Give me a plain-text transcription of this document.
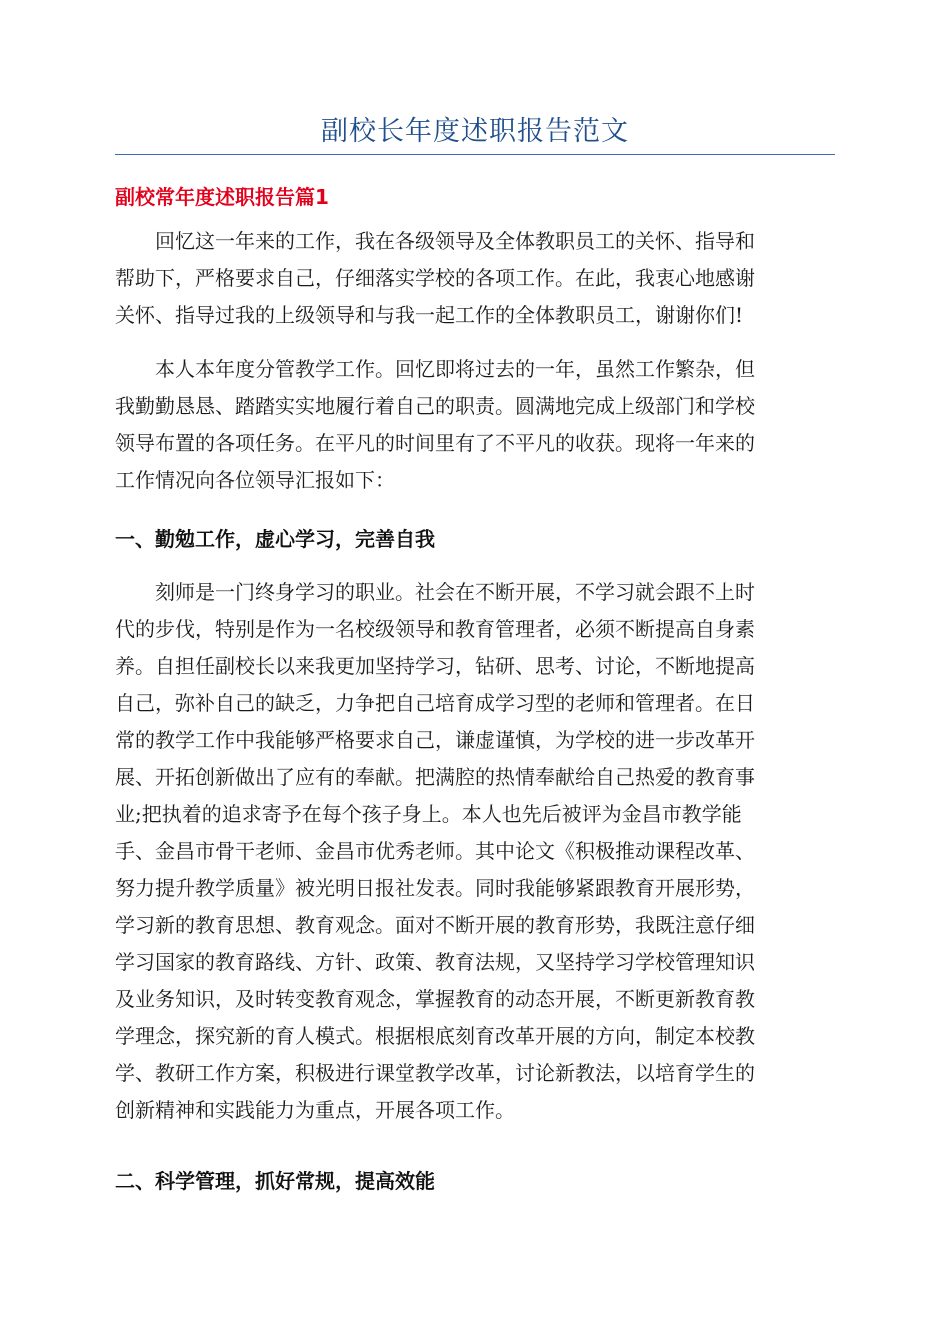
副校长年度述职报告范文
副校常年度述职报告篇1
　　回忆这一年来的工作，我在各级领导及全体教职员工的关怀、指导和
帮助下，严格要求自己，仔细落实学校的各项工作。在此，我衷心地感谢
关怀、指导过我的上级领导和与我一起工作的全体教职员工，谢谢你们!
　　本人本年度分管教学工作。回忆即将过去的一年，虽然工作繁杂，但
我勤勤恳恳、踏踏实实地履行着自己的职责。圆满地完成上级部门和学校
领导布置的各项任务。在平凡的时间里有了不平凡的收获。现将一年来的
工作情况向各位领导汇报如下：
一、勤勉工作，虚心学习，完善自我
　　刻师是一门终身学习的职业。社会在不断开展，不学习就会跟不上时
代的步伐，特别是作为一名校级领导和教育管理者，必须不断提高自身素
养。自担任副校长以来我更加坚持学习，钻研、思考、讨论，不断地提高
自己，弥补自己的缺乏，力争把自己培育成学习型的老师和管理者。在日
常的教学工作中我能够严格要求自己，谦虚谨慎，为学校的进一步改革开
展、开拓创新做出了应有的奉献。把满腔的热情奉献给自己热爱的教育事
业;把执着的追求寄予在每个孩子身上。本人也先后被评为金昌市教学能
手、金昌市骨干老师、金昌市优秀老师。其中论文《积极推动课程改革、
努力提升教学质量》被光明日报社发表。同时我能够紧跟教育开展形势，
学习新的教育思想、教育观念。面对不断开展的教育形势，我既注意仔细
学习国家的教育路线、方针、政策、教育法规，又坚持学习学校管理知识
及业务知识，及时转变教育观念，掌握教育的动态开展，不断更新教育教
学理念，探究新的育人模式。根据根底刻育改革开展的方向，制定本校教
学、教研工作方案，积极进行课堂教学改革，讨论新教法，以培育学生的
创新精神和实践能力为重点，开展各项工作。
二、科学管理，抓好常规，提高效能
